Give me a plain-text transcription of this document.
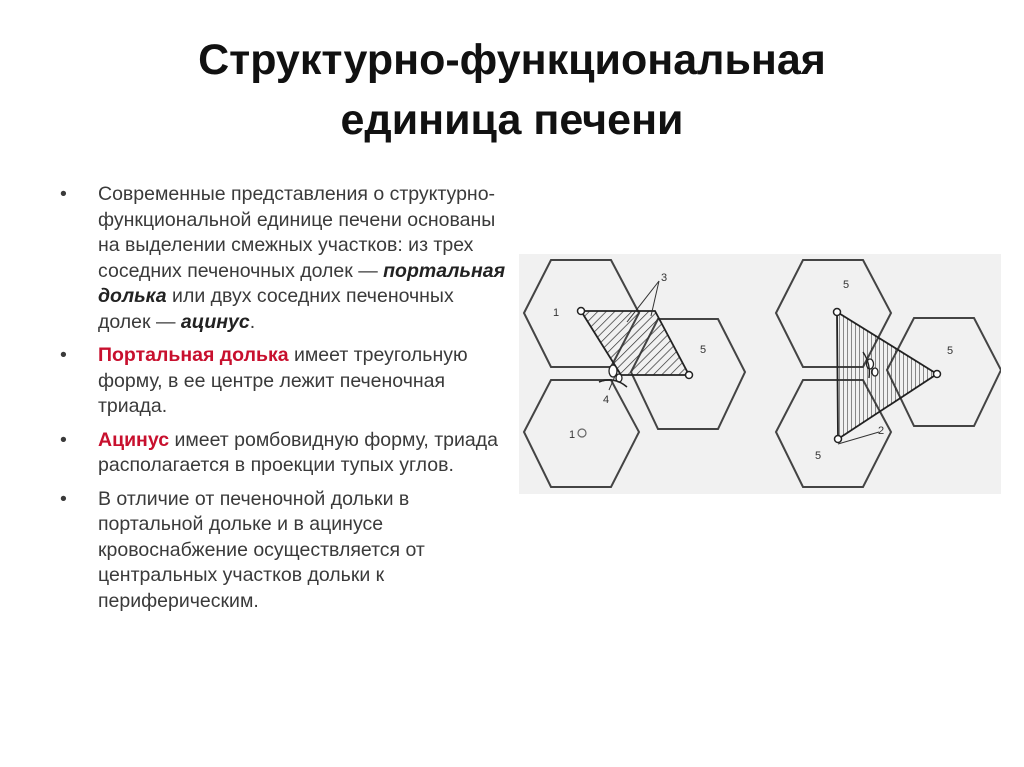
Структурно-функциональная
единица печени
• Современные представления о структурно-функциональной единице печени основаны на выделении смежных участков: из трех соседних печеночных долек — портальная долька или двух соседних печеночных долек — ацинус.
• Портальная долька имеет треугольную форму, в ее центре лежит печеночная триада.
• Ацинус имеет ромбовидную форму, триада располагается в проекции тупых углов.
• В отличие от печеночной дольки в портальной дольке и в ацинусе кровоснабжение осуществляется от центральных участков дольки к периферическим.
1
3
5
4
1
5
5
5
2
